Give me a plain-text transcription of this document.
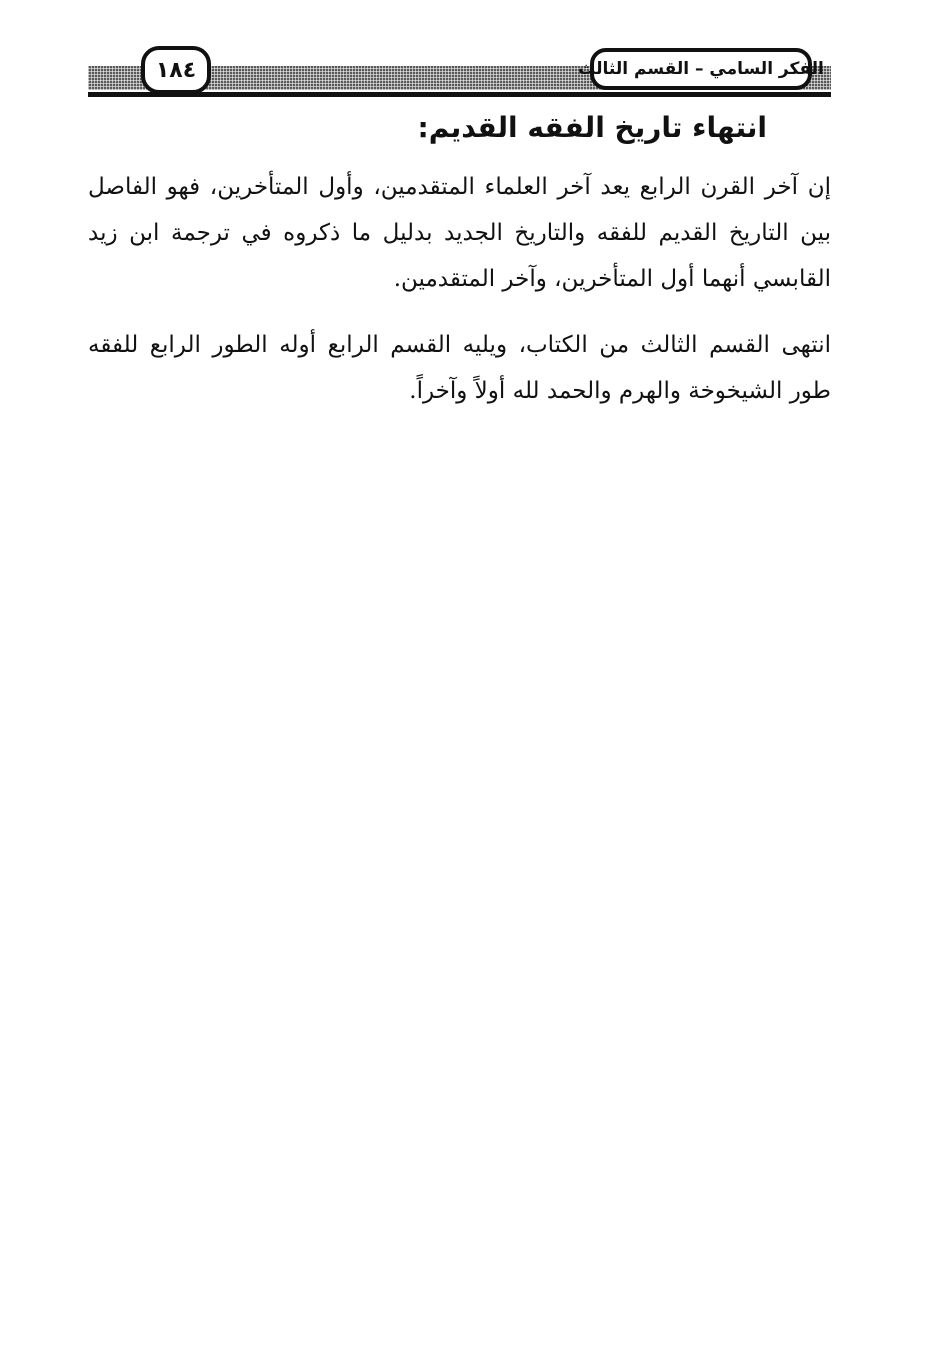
الفكر السامي – القسم الثالث
١٨٤
انتهاء تاريخ الفقه القديم:

إن آخر القرن الرابع يعد آخر العلماء المتقدمين، وأول المتأخرين، فهو الفاصل بين التاريخ القديم للفقه والتاريخ الجديد بدليل ما ذكروه في ترجمة ابن زيد القابسي أنهما أول المتأخرين، وآخر المتقدمين.

انتهى القسم الثالث من الكتاب، ويليه القسم الرابع أوله الطور الرابع للفقه طور الشيخوخة والهرم والحمد لله أولاً وآخراً.
